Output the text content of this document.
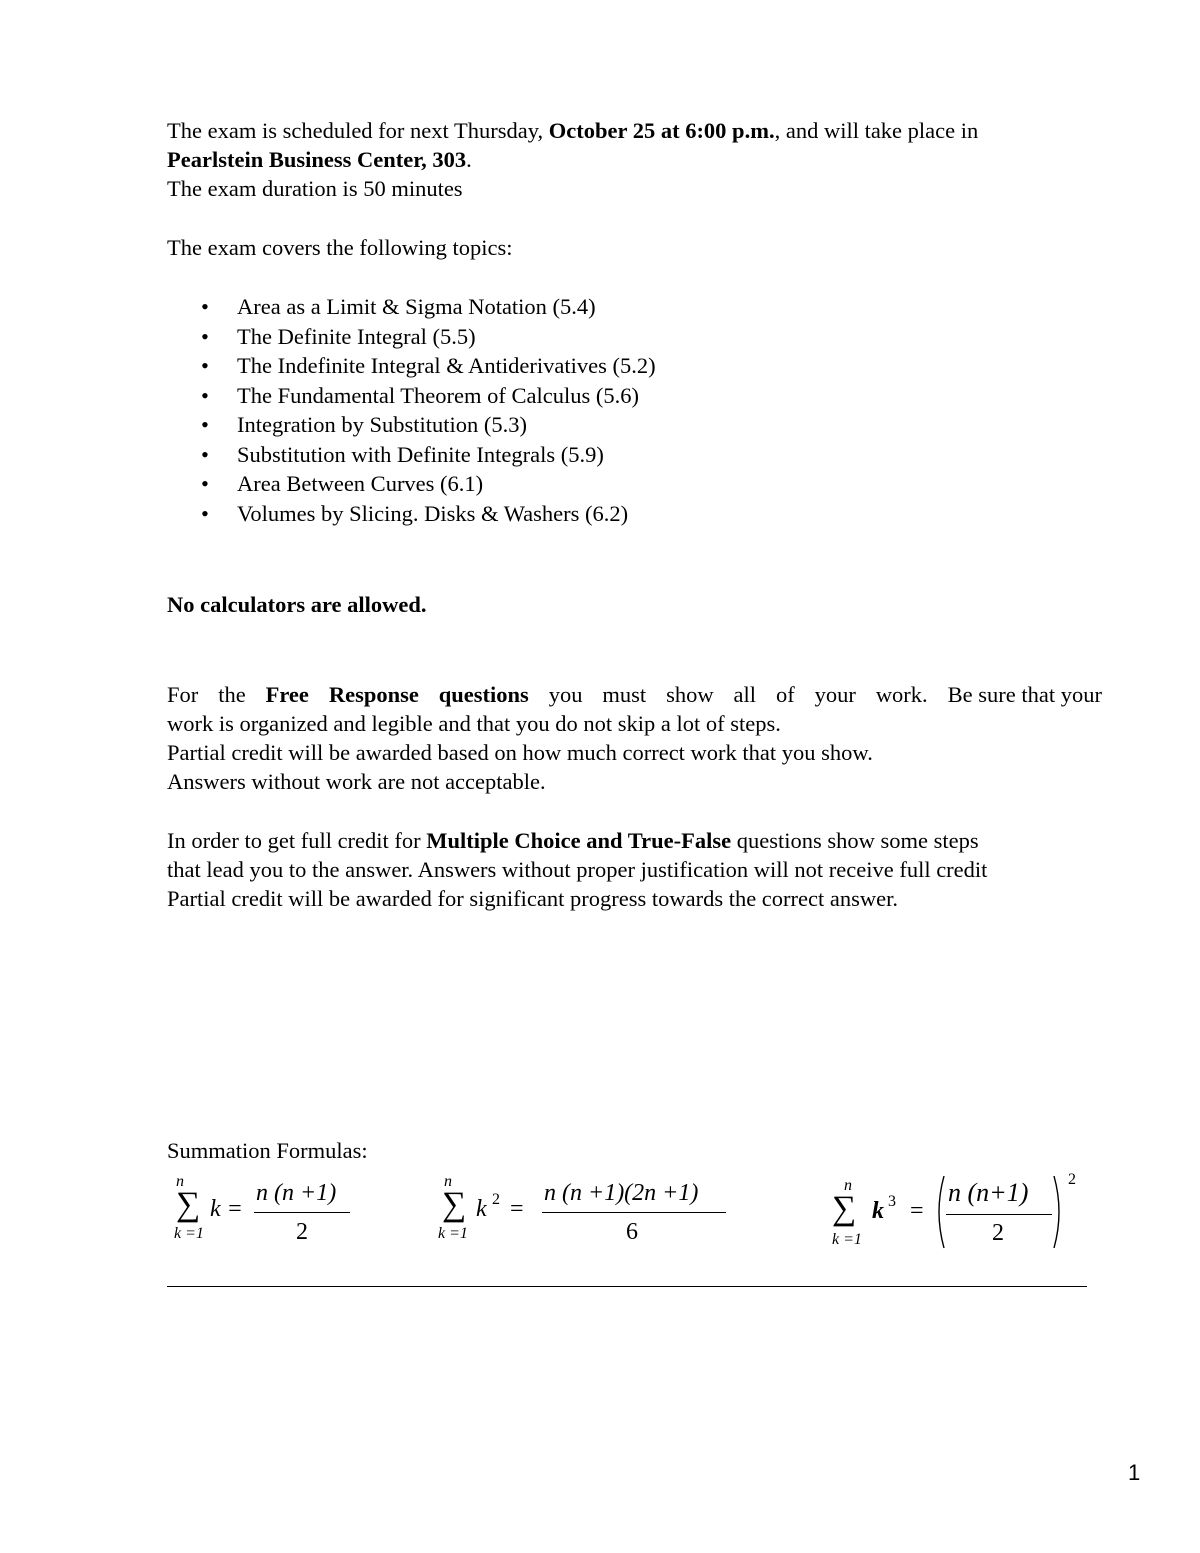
The exam is scheduled for next Thursday, October 25 at 6:00 p.m., and will take place in
Pearlstein Business Center, 303.
The exam duration is 50 minutes

The exam covers the following topics:

• Area as a Limit & Sigma Notation (5.4)
• The Definite Integral (5.5)
• The Indefinite Integral & Antiderivatives (5.2)
• The Fundamental Theorem of Calculus (5.6)
• Integration by Substitution (5.3)
• Substitution with Definite Integrals (5.9)
• Area Between Curves (6.1)
• Volumes by Slicing. Disks & Washers (6.2)

No calculators are allowed.

For the Free Response questions you must show all of your work. Be sure that your
work is organized and legible and that you do not skip a lot of steps.
Partial credit will be awarded based on how much correct work that you show.
Answers without work are not acceptable.
In order to get full credit for Multiple Choice and True-False questions show some steps
that lead you to the answer. Answers without proper justification will not receive full credit
Partial credit will be awarded for significant progress towards the correct answer.

Summation Formulas:

n
∑
k =1
k =
n (n +1)
2
n
∑
k =1
k 2 =
n (n +1)(2n +1)
6
n
∑
k =1
k 3 =
n (n+1)
2
2
1
